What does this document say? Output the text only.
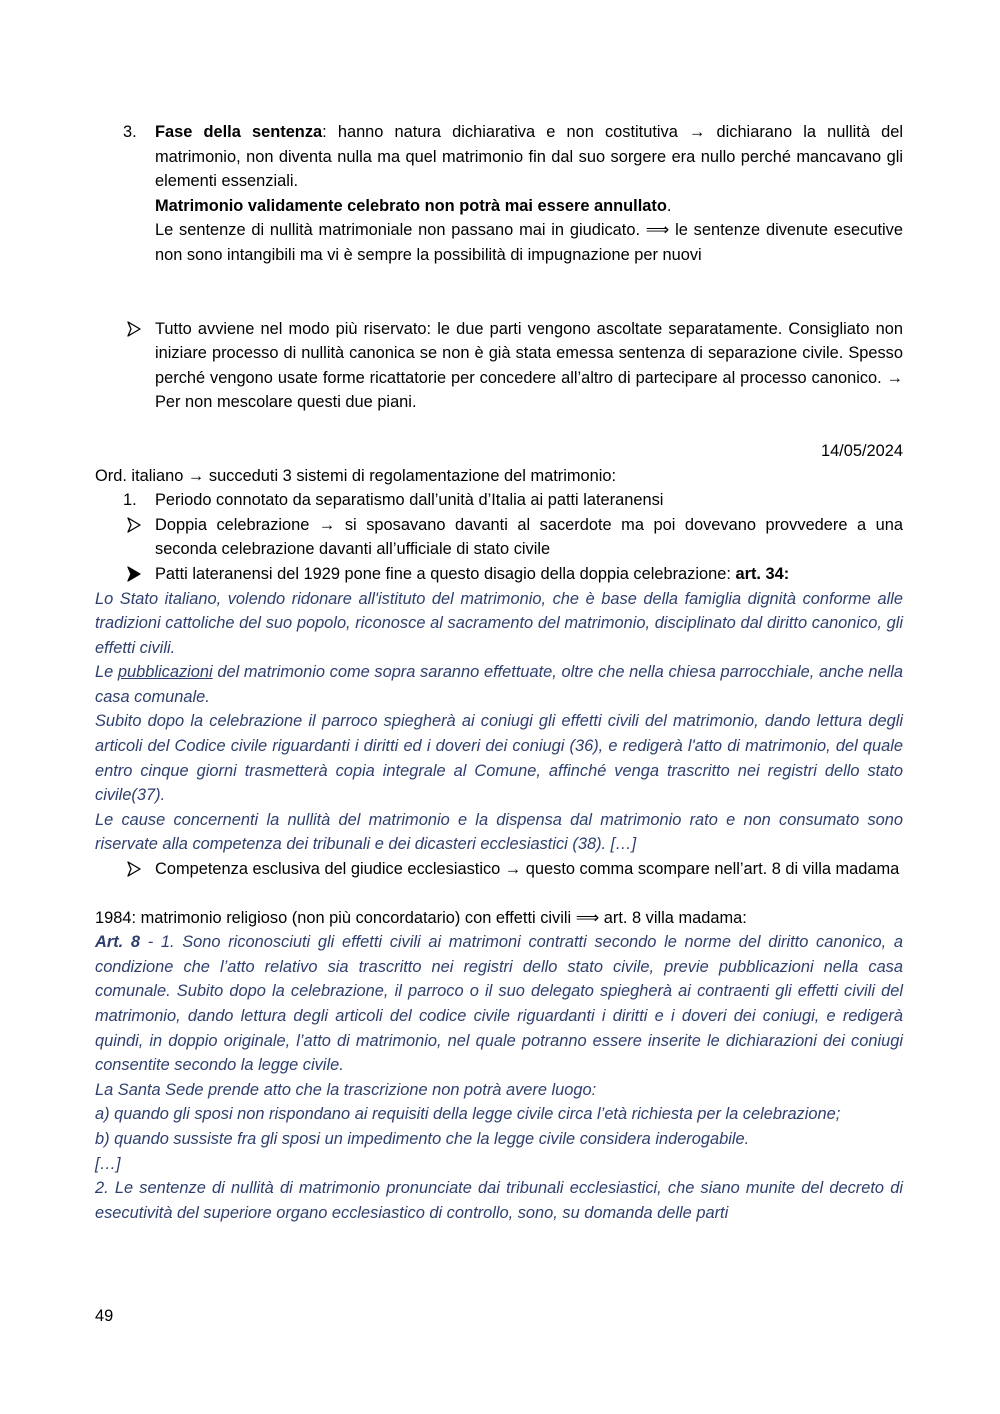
3. Fase della sentenza: hanno natura dichiarativa e non costitutiva → dichiarano la nullità del matrimonio, non diventa nulla ma quel matrimonio fin dal suo sorgere era nullo perché mancavano gli elementi essenziali.
Matrimonio validamente celebrato non potrà mai essere annullato.
Le sentenze di nullità matrimoniale non passano mai in giudicato. ⟹ le sentenze divenute esecutive non sono intangibili ma vi è sempre la possibilità di impugnazione per nuovi
Tutto avviene nel modo più riservato: le due parti vengono ascoltate separatamente. Consigliato non iniziare processo di nullità canonica se non è già stata emessa sentenza di separazione civile. Spesso perché vengono usate forme ricattatorie per concedere all’altro di partecipare al processo canonico. → Per non mescolare questi due piani.
14/05/2024
Ord. italiano → succeduti 3 sistemi di regolamentazione del matrimonio:
1. Periodo connotato da separatismo dall’unità d’Italia ai patti lateranensi
Doppia celebrazione → si sposavano davanti al sacerdote ma poi dovevano provvedere a una seconda celebrazione davanti all’ufficiale di stato civile
Patti lateranensi del 1929 pone fine a questo disagio della doppia celebrazione: art. 34:
Lo Stato italiano, volendo ridonare all'istituto del matrimonio, che è base della famiglia dignità conforme alle tradizioni cattoliche del suo popolo, riconosce al sacramento del matrimonio, disciplinato dal diritto canonico, gli effetti civili.
Le pubblicazioni del matrimonio come sopra saranno effettuate, oltre che nella chiesa parrocchiale, anche nella casa comunale.
Subito dopo la celebrazione il parroco spiegherà ai coniugi gli effetti civili del matrimonio, dando lettura degli articoli del Codice civile riguardanti i diritti ed i doveri dei coniugi (36), e redigerà l'atto di matrimonio, del quale entro cinque giorni trasmetterà copia integrale al Comune, affinché venga trascritto nei registri dello stato civile(37).
Le cause concernenti la nullità del matrimonio e la dispensa dal matrimonio rato e non consumato sono riservate alla competenza dei tribunali e dei dicasteri ecclesiastici (38). […]
Competenza esclusiva del giudice ecclesiastico → questo comma scompare nell’art. 8 di villa madama
1984: matrimonio religioso (non più concordatario) con effetti civili ⟹ art. 8 villa madama:
Art. 8 - 1. Sono riconosciuti gli effetti civili ai matrimoni contratti secondo le norme del diritto canonico, a condizione che l’atto relativo sia trascritto nei registri dello stato civile, previe pubblicazioni nella casa comunale. Subito dopo la celebrazione, il parroco o il suo delegato spiegherà ai contraenti gli effetti civili del matrimonio, dando lettura degli articoli del codice civile riguardanti i diritti e i doveri dei coniugi, e redigerà quindi, in doppio originale, l’atto di matrimonio, nel quale potranno essere inserite le dichiarazioni dei coniugi consentite secondo la legge civile.
La Santa Sede prende atto che la trascrizione non potrà avere luogo:
a) quando gli sposi non rispondano ai requisiti della legge civile circa l’età richiesta per la celebrazione;
b) quando sussiste fra gli sposi un impedimento che la legge civile considera inderogabile.
[…]
2. Le sentenze di nullità di matrimonio pronunciate dai tribunali ecclesiastici, che siano munite del decreto di esecutività del superiore organo ecclesiastico di controllo, sono, su domanda delle parti
49
